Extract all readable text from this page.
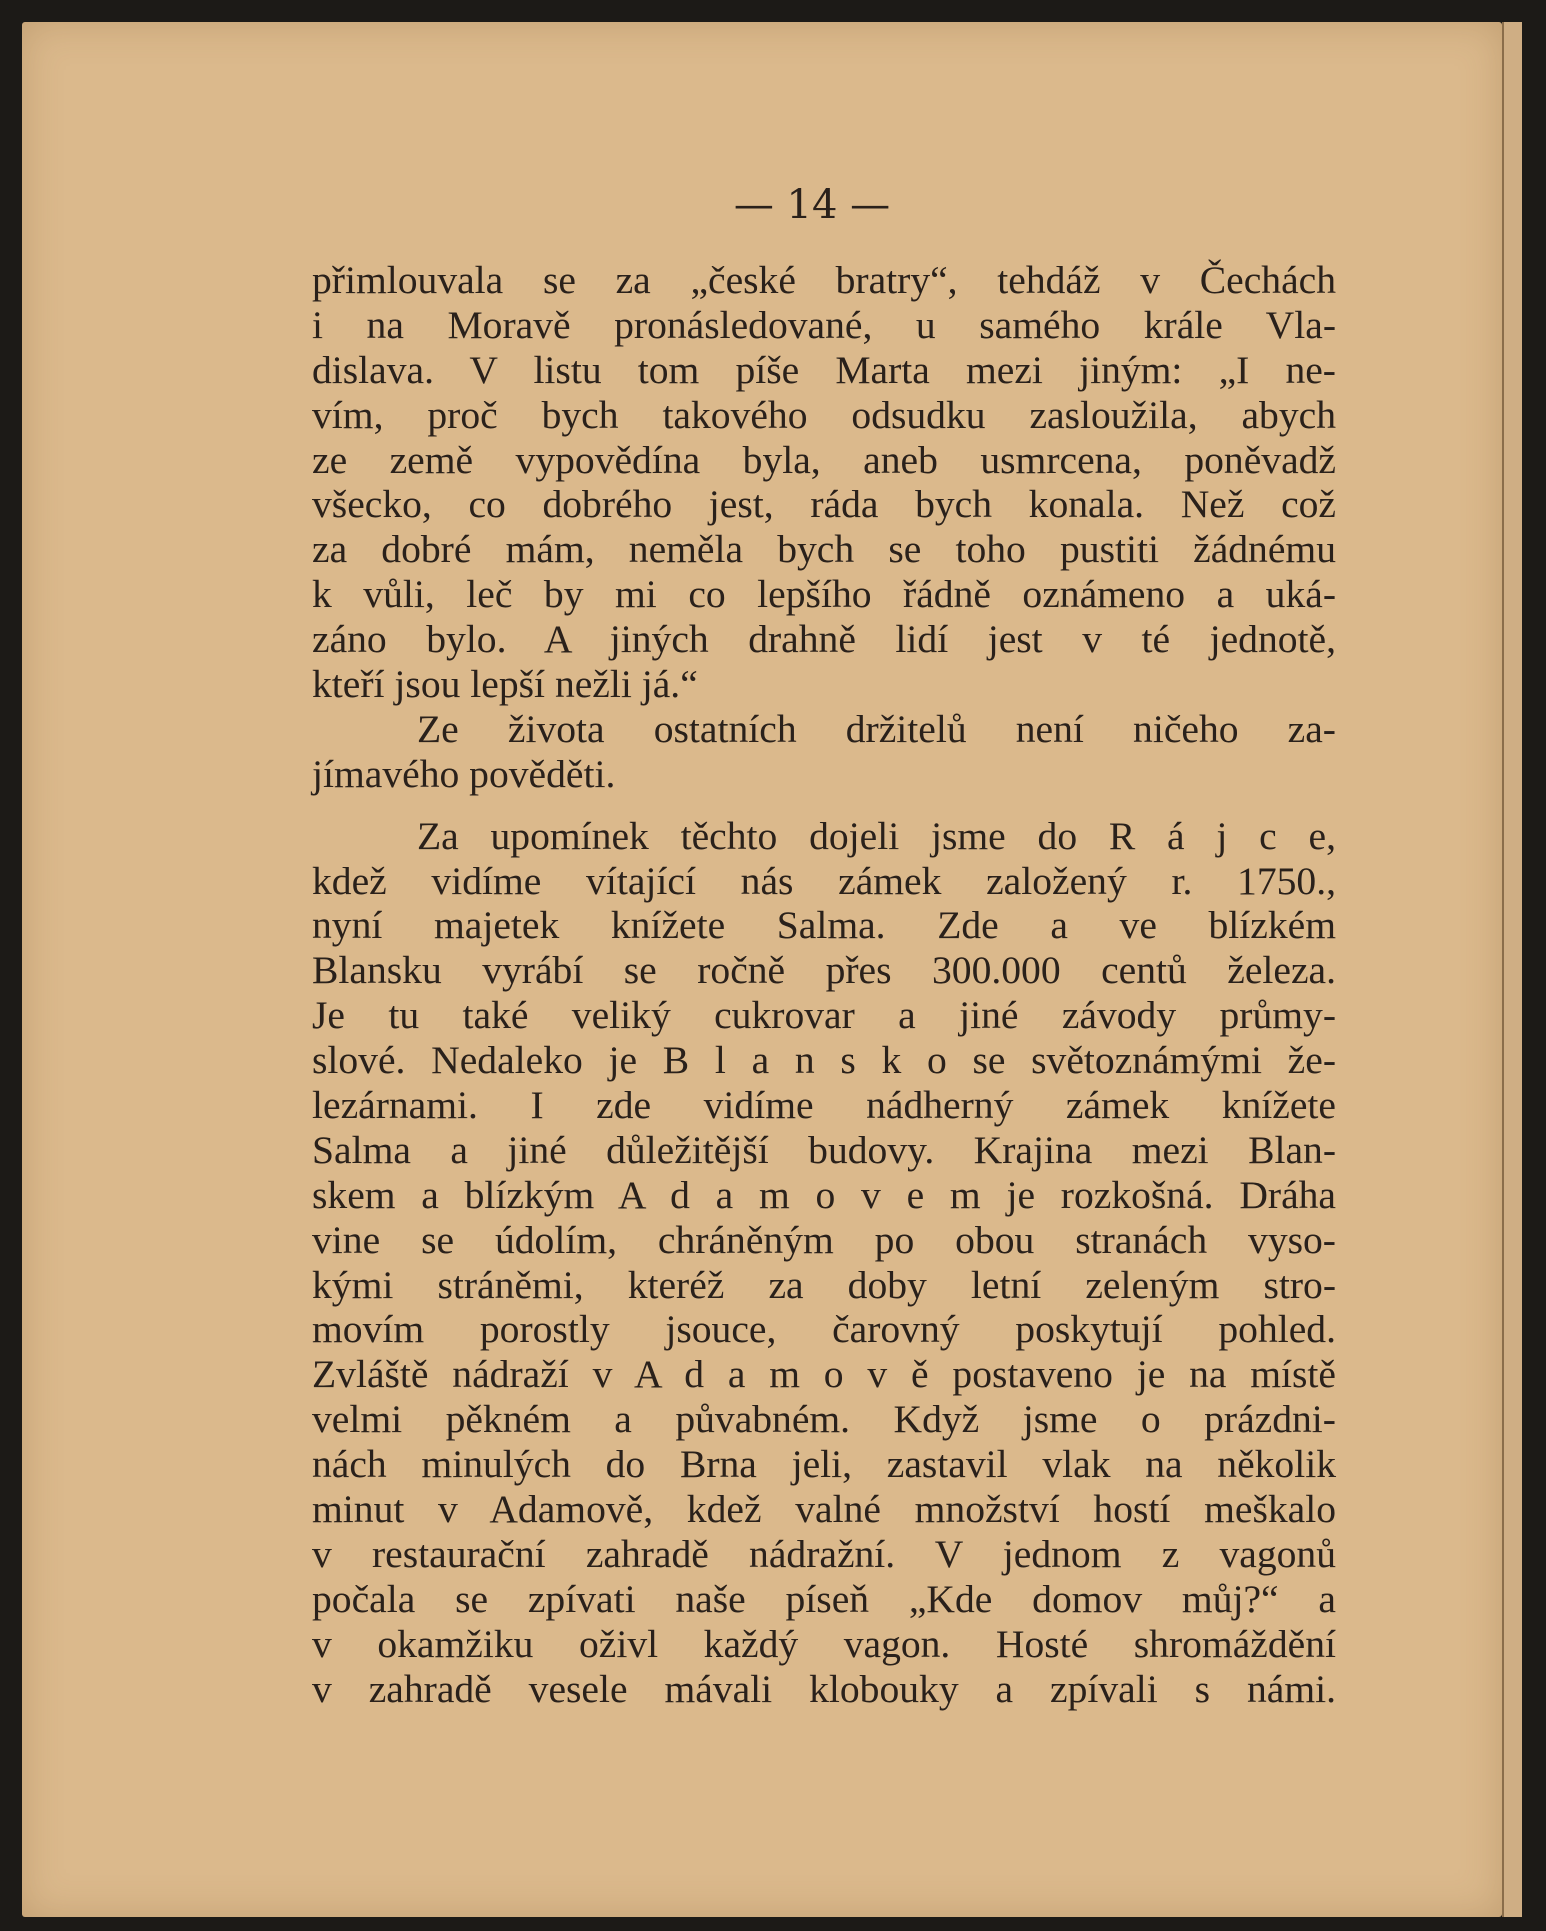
— 14 —

přimlouvala se za „české bratry“, tehdáž v Čechách
i na Moravě pronásledované, u samého krále Vla-
dislava. V listu tom píše Marta mezi jiným: „I ne-
vím, proč bych takového odsudku zasloužila, abych
ze země vypovědína byla, aneb usmrcena, poněvadž
všecko, co dobrého jest, ráda bych konala. Než což
za dobré mám, neměla bych se toho pustiti žádnému
k vůli, leč by mi co lepšího řádně oznámeno a uká-
záno bylo. A jiných drahně lidí jest v té jednotě,
kteří jsou lepší nežli já.“
Ze života ostatních držitelů není ničeho za-
jímavého pověděti.
Za upomínek těchto dojeli jsme do R á j c e,
kdež vidíme vítající nás zámek založený r. 1750.,
nyní majetek knížete Salma. Zde a ve blízkém
Blansku vyrábí se ročně přes 300.000 centů železa.
Je tu také veliký cukrovar a jiné závody průmy-
slové. Nedaleko je B l a n s k o se světoznámými že-
lezárnami. I zde vidíme nádherný zámek knížete
Salma a jiné důležitější budovy. Krajina mezi Blan-
skem a blízkým A d a m o v e m je rozkošná. Dráha
vine se údolím, chráněným po obou stranách vyso-
kými stráněmi, kteréž za doby letní zeleným stro-
movím porostly jsouce, čarovný poskytují pohled.
Zvláště nádraží v A d a m o v ě postaveno je na místě
velmi pěkném a půvabném. Když jsme o prázdni-
nách minulých do Brna jeli, zastavil vlak na několik
minut v Adamově, kdež valné množství hostí meškalo
v restaurační zahradě nádražní. V jednom z vagonů
počala se zpívati naše píseň „Kde domov můj?“ a
v okamžiku oživl každý vagon. Hosté shromáždění
v zahradě vesele mávali klobouky a zpívali s námi.
